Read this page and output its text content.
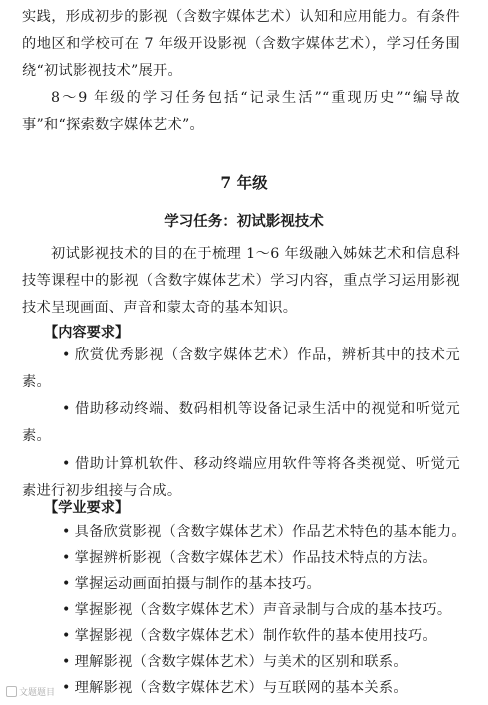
实践，形成初步的影视（含数字媒体艺术）认知和应用能力。有条件的地区和学校可在 7 年级开设影视（含数字媒体艺术），学习任务围绕“初试影视技术”展开。

8～9 年级的学习任务包括“记录生活”“重现历史”“编导故事”和“探索数字媒体艺术”。

7 年级

学习任务：初试影视技术

初试影视技术的目的在于梳理 1～6 年级融入姊妹艺术和信息科技等课程中的影视（含数字媒体艺术）学习内容，重点学习运用影视技术呈现画面、声音和蒙太奇的基本知识。

【内容要求】

• 欣赏优秀影视（含数字媒体艺术）作品，辨析其中的技术元素。

• 借助移动终端、数码相机等设备记录生活中的视觉和听觉元素。

• 借助计算机软件、移动终端应用软件等将各类视觉、听觉元素进行初步组接与合成。

【学业要求】

• 具备欣赏影视（含数字媒体艺术）作品艺术特色的基本能力。

• 掌握辨析影视（含数字媒体艺术）作品技术特点的方法。

• 掌握运动画面拍摄与制作的基本技巧。

• 掌握影视（含数字媒体艺术）声音录制与合成的基本技巧。

• 掌握影视（含数字媒体艺术）制作软件的基本使用技巧。

• 理解影视（含数字媒体艺术）与美术的区别和联系。

• 理解影视（含数字媒体艺术）与互联网的基本关系。

文题题目
